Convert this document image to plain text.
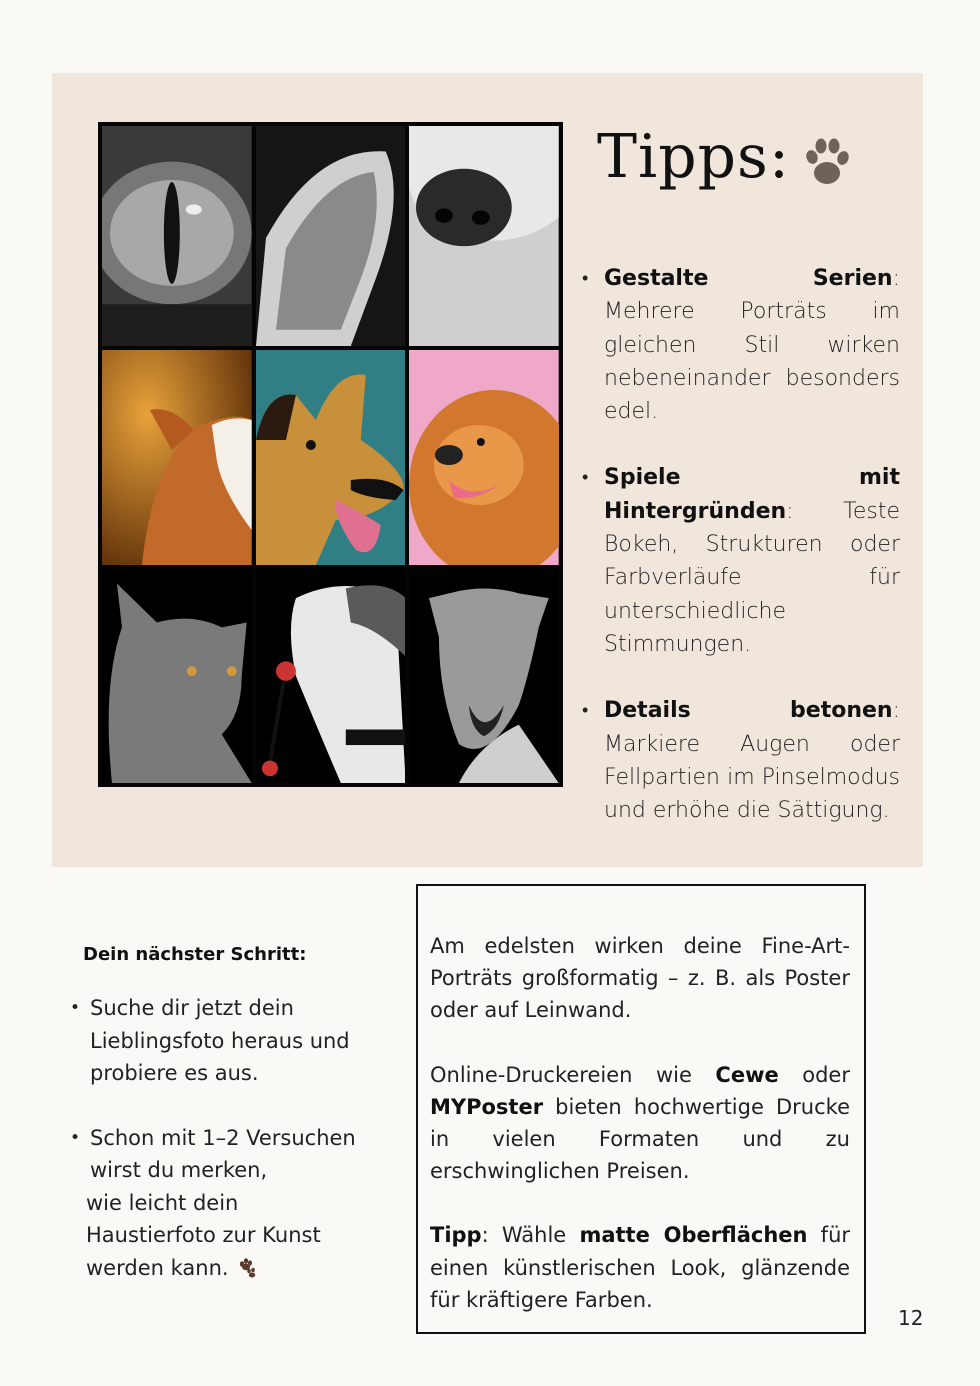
Tipps:
• Gestalte Serien: Mehrere Porträts im gleichen Stil wirken nebeneinander besonders edel.
• Spiele mit Hintergründen: Teste Bokeh, Strukturen oder Farbverläufe für unterschiedliche Stimmungen.
• Details betonen: Markiere Augen oder Fellpartien im Pinselmodus und erhöhe die Sättigung.
Dein nächster Schritt:
• Suche dir jetzt dein Lieblingsfoto heraus und probiere es aus.
• Schon mit 1–2 Versuchen wirst du merken,
wie leicht dein Haustierfoto zur Kunst werden kann.

Am edelsten wirken deine Fine-Art-Porträts großformatig – z. B. als Poster oder auf Leinwand.

Online-Druckereien wie Cewe oder MYPoster bieten hochwertige Drucke in vielen Formaten und zu erschwinglichen Preisen.

Tipp: Wähle matte Oberflächen für einen künstlerischen Look, glänzende für kräftigere Farben.

12
